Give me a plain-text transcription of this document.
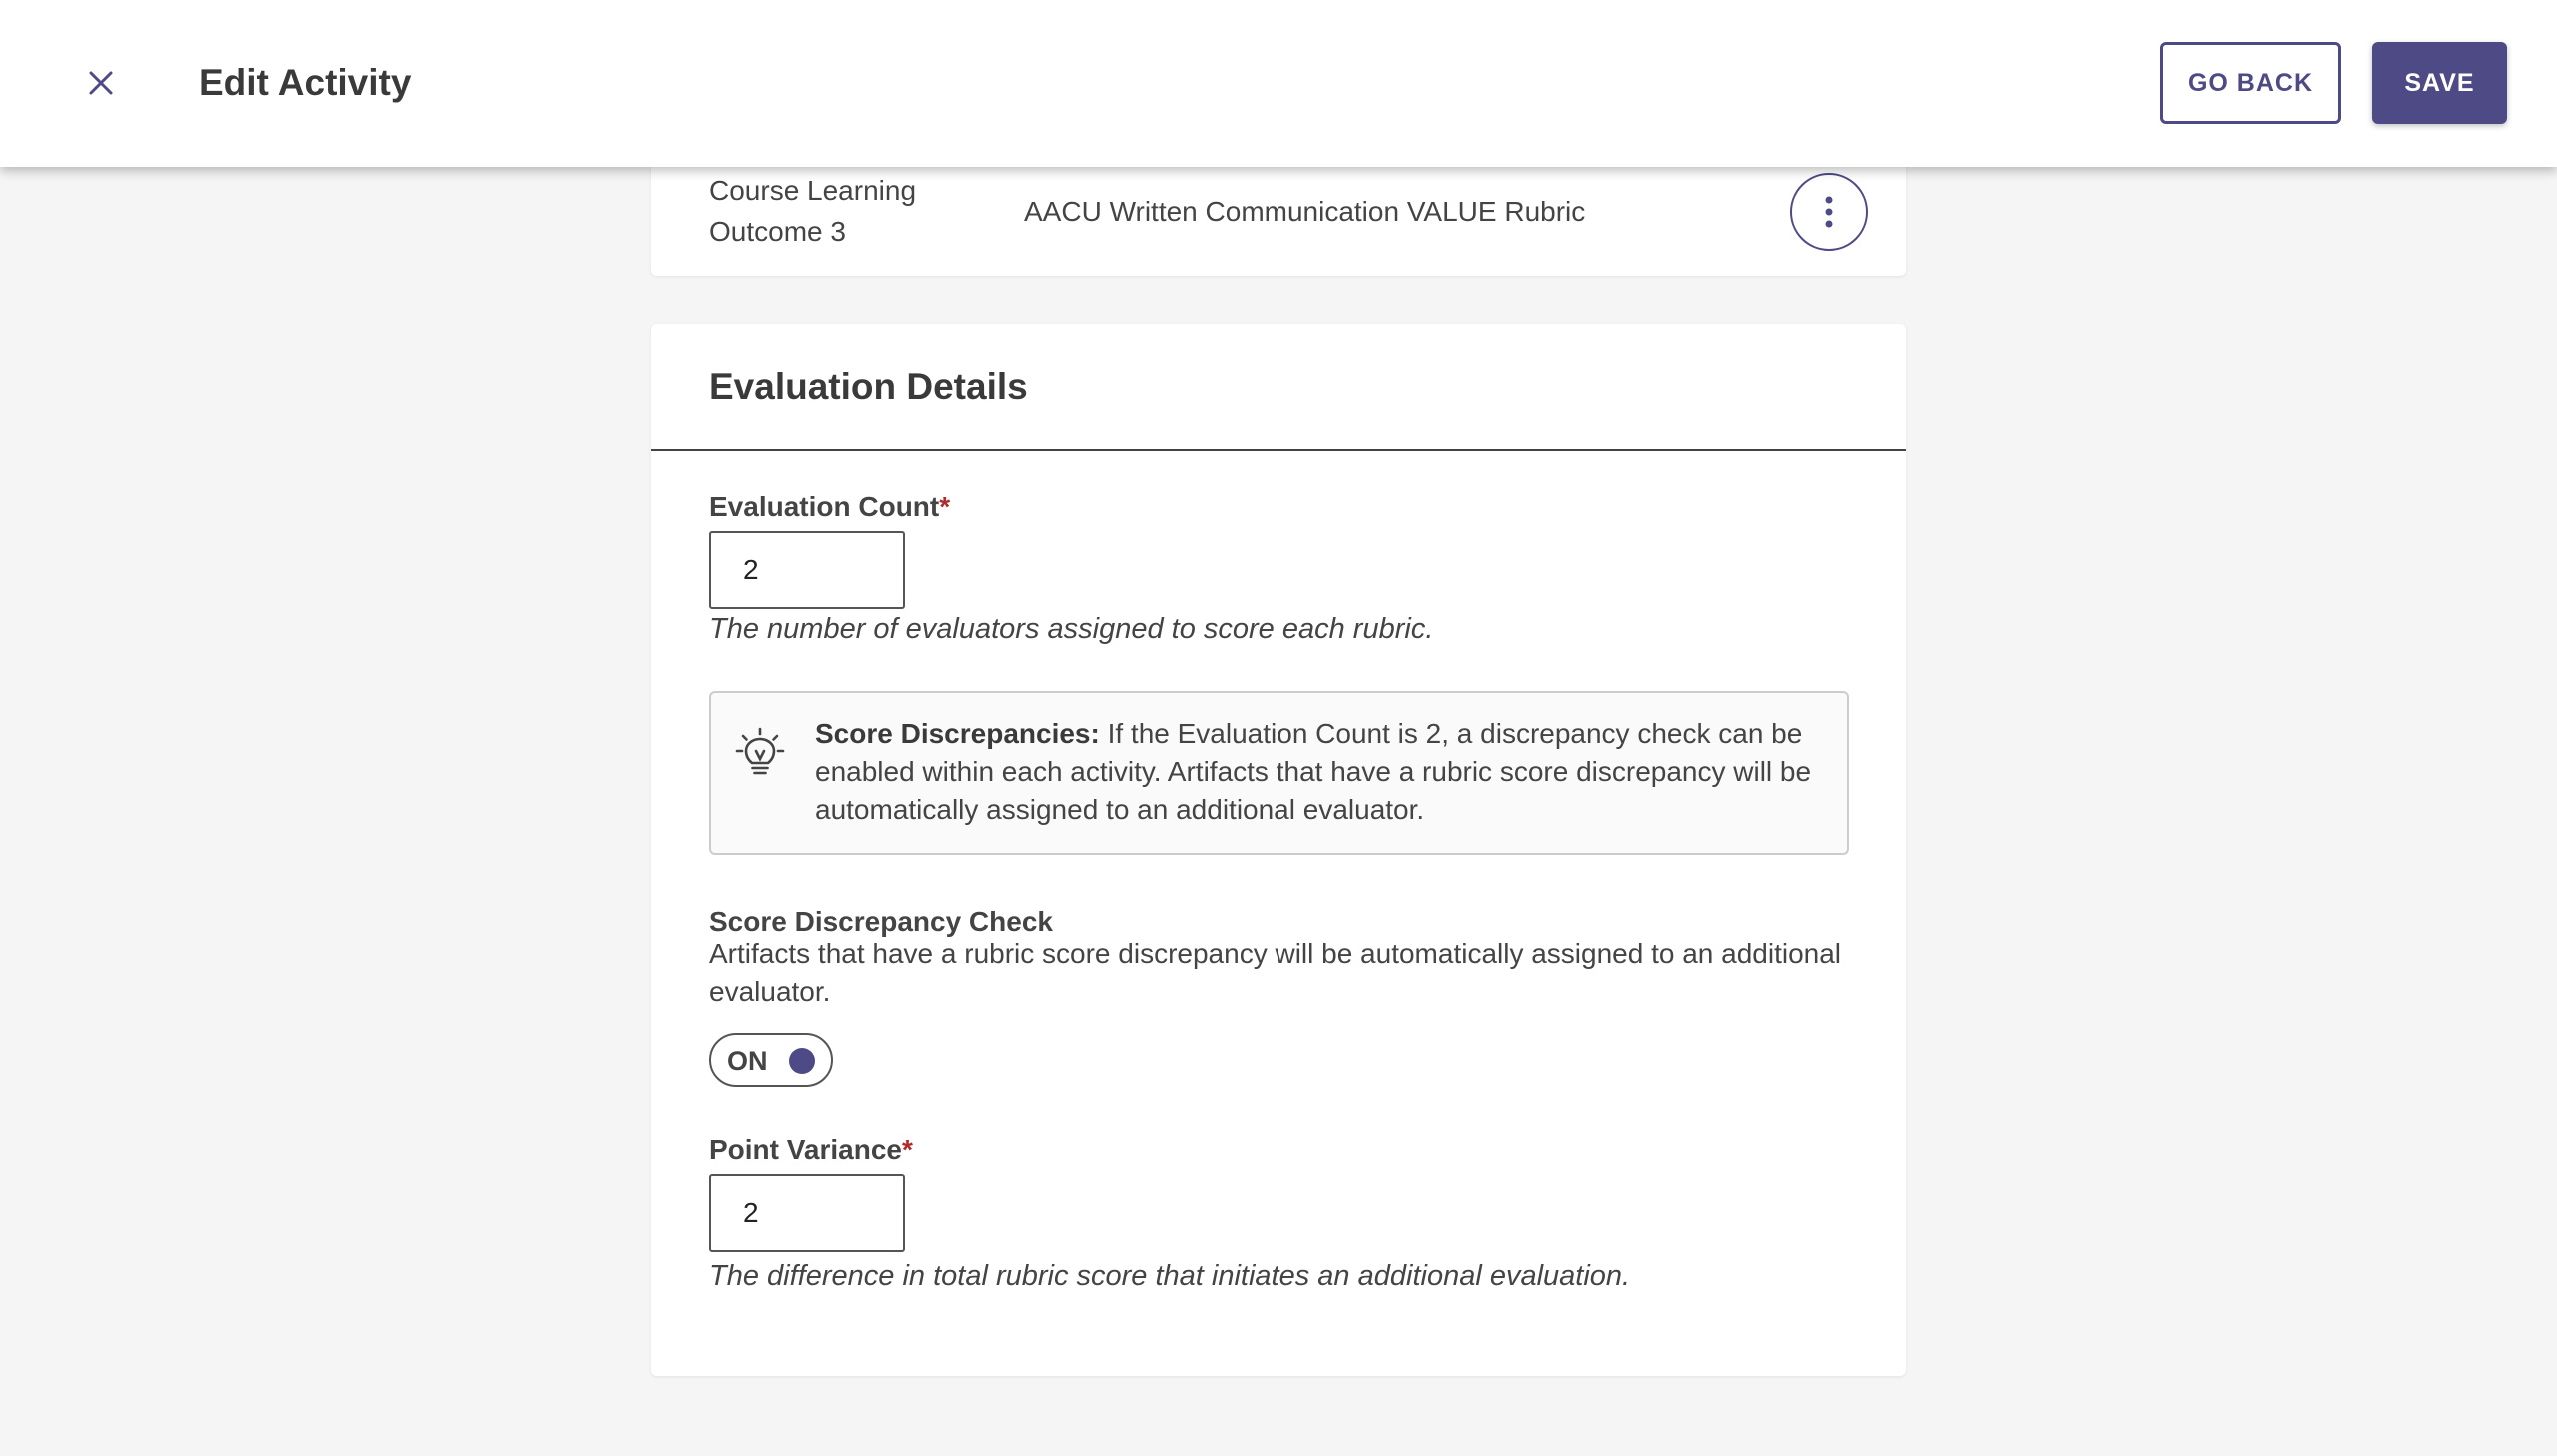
Edit Activity	GO BACK	SAVE
Course Learning Outcome 3
AACU Written Communication VALUE Rubric
Evaluation Details
Evaluation Count*
2
The number of evaluators assigned to score each rubric.
Score Discrepancies: If the Evaluation Count is 2, a discrepancy check can be enabled within each activity. Artifacts that have a rubric score discrepancy will be automatically assigned to an additional evaluator.
Score Discrepancy Check
Artifacts that have a rubric score discrepancy will be automatically assigned to an additional evaluator.
ON
Point Variance*
2
The difference in total rubric score that initiates an additional evaluation.
